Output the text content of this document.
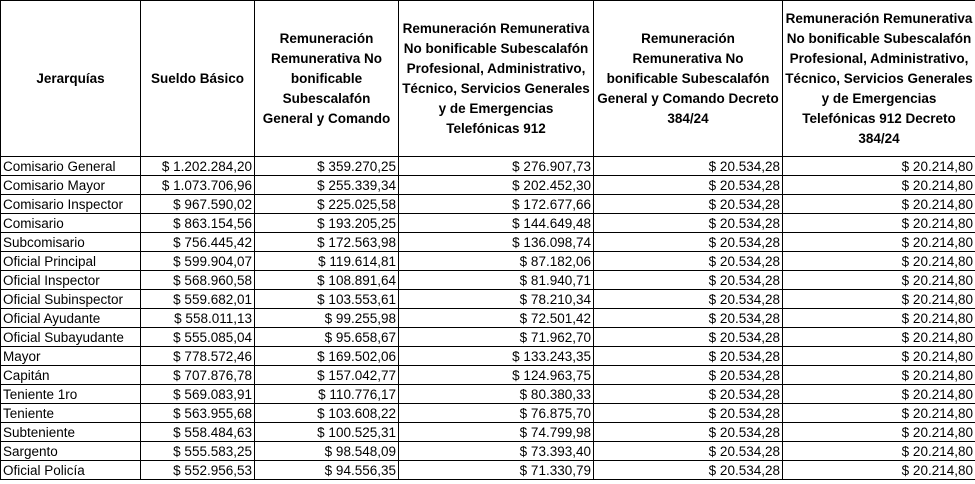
Jerarquías	Sueldo Básico	Remuneración Remunerativa No bonificable Subescalafón General y Comando	Remuneración Remunerativa No bonificable Subescalafón Profesional, Administrativo, Técnico, Servicios Generales y de Emergencias Telefónicas 912	Remuneración Remunerativa No bonificable Subescalafón General y Comando Decreto 384/24	Remuneración Remunerativa No bonificable Subescalafón Profesional, Administrativo, Técnico, Servicios Generales y de Emergencias Telefónicas 912 Decreto 384/24
Comisario General	$ 1.202.284,20	$ 359.270,25	$ 276.907,73	$ 20.534,28	$ 20.214,80
Comisario Mayor	$ 1.073.706,96	$ 255.339,34	$ 202.452,30	$ 20.534,28	$ 20.214,80
Comisario Inspector	$ 967.590,02	$ 225.025,58	$ 172.677,66	$ 20.534,28	$ 20.214,80
Comisario	$ 863.154,56	$ 193.205,25	$ 144.649,48	$ 20.534,28	$ 20.214,80
Subcomisario	$ 756.445,42	$ 172.563,98	$ 136.098,74	$ 20.534,28	$ 20.214,80
Oficial Principal	$ 599.904,07	$ 119.614,81	$ 87.182,06	$ 20.534,28	$ 20.214,80
Oficial Inspector	$ 568.960,58	$ 108.891,64	$ 81.940,71	$ 20.534,28	$ 20.214,80
Oficial Subinspector	$ 559.682,01	$ 103.553,61	$ 78.210,34	$ 20.534,28	$ 20.214,80
Oficial Ayudante	$ 558.011,13	$ 99.255,98	$ 72.501,42	$ 20.534,28	$ 20.214,80
Oficial Subayudante	$ 555.085,04	$ 95.658,67	$ 71.962,70	$ 20.534,28	$ 20.214,80
Mayor	$ 778.572,46	$ 169.502,06	$ 133.243,35	$ 20.534,28	$ 20.214,80
Capitán	$ 707.876,78	$ 157.042,77	$ 124.963,75	$ 20.534,28	$ 20.214,80
Teniente 1ro	$ 569.083,91	$ 110.776,17	$ 80.380,33	$ 20.534,28	$ 20.214,80
Teniente	$ 563.955,68	$ 103.608,22	$ 76.875,70	$ 20.534,28	$ 20.214,80
Subteniente	$ 558.484,63	$ 100.525,31	$ 74.799,98	$ 20.534,28	$ 20.214,80
Sargento	$ 555.583,25	$ 98.548,09	$ 73.393,40	$ 20.534,28	$ 20.214,80
Oficial Policía	$ 552.956,53	$ 94.556,35	$ 71.330,79	$ 20.534,28	$ 20.214,80
